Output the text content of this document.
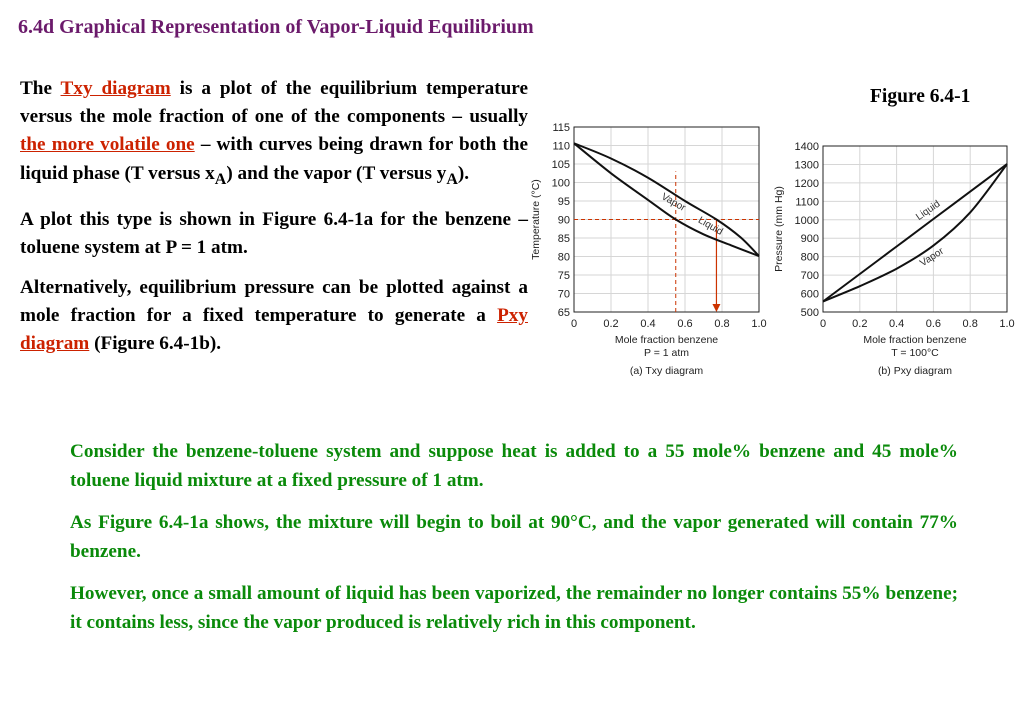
6.4d Graphical Representation of Vapor-Liquid Equilibrium

The Txy diagram is a plot of the equilibrium temperature versus the mole fraction of one of the components – usually the more volatile one – with curves being drawn for both the liquid phase (T versus $x_A$) and the vapor (T versus $y_A$).

A plot this type is shown in Figure 6.4-1a for the benzene – toluene system at P = 1 atm.

Alternatively, equilibrium pressure can be plotted against a mole fraction for a fixed temperature to generate a Pxy diagram (Figure 6.4-1b).

Figure 6.4-1
0 0.2 0.4 0.6 0.8 1.0
115
110
105
100
95
90
85
80
75
70
65
Temperature (°C)	Liquid
Vapor
Mole fraction benzene
P = 1 atm
(a) Txy diagram
0 0.2 0.4 0.6 0.8 1.0
1400
1300
1200
1100
1000
900
800
700
600
500
Pressure (mm Hg)	Liquid
Vapor
Mole fraction benzene
T = 100°C
(b) Pxy diagram

Consider the benzene-toluene system and suppose heat is added to a 55 mole% benzene and 45 mole% toluene liquid mixture at a fixed pressure of 1 atm.

As Figure 6.4-1a shows, the mixture will begin to boil at 90°C, and the vapor generated will contain 77% benzene.

However, once a small amount of liquid has been vaporized, the remainder no longer contains 55% benzene; it contains less, since the vapor produced is relatively rich in this component.
